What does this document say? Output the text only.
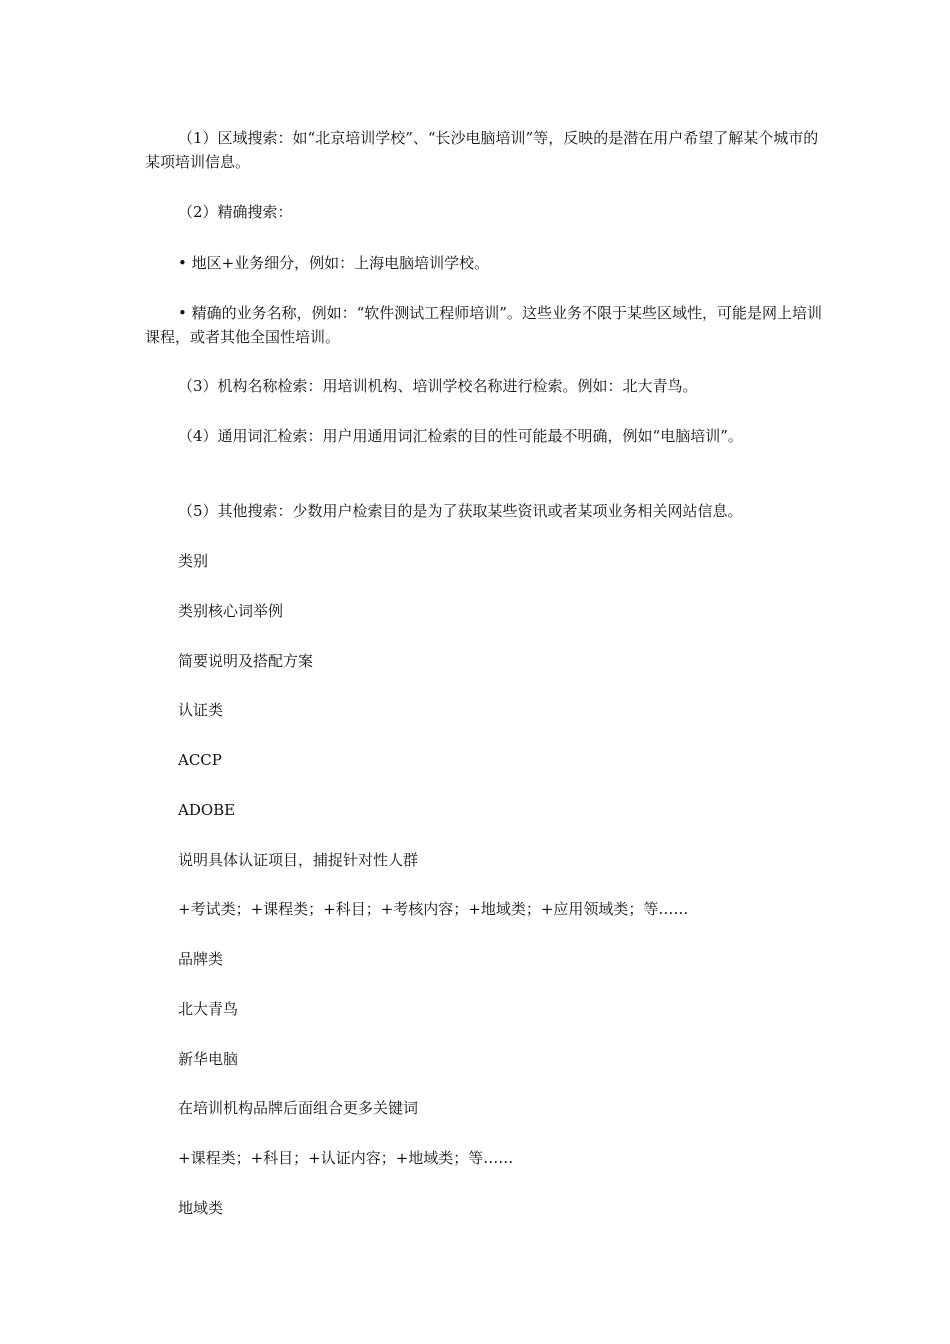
（1）区域搜索：如“北京培训学校”、“长沙电脑培训”等，反映的是潜在用户希望了解某个城市的某项培训信息。

（2）精确搜索：

• 地区+业务细分，例如：上海电脑培训学校。

• 精确的业务名称，例如：“软件测试工程师培训”。这些业务不限于某些区域性，可能是网上培训课程，或者其他全国性培训。

（3）机构名称检索：用培训机构、培训学校名称进行检索。例如：北大青鸟。

（4）通用词汇检索：用户用通用词汇检索的目的性可能最不明确，例如“电脑培训”。

（5）其他搜索：少数用户检索目的是为了获取某些资讯或者某项业务相关网站信息。

类别
类别核心词举例
简要说明及搭配方案
认证类
ACCP
ADOBE
说明具体认证项目，捕捉针对性人群
+考试类；+课程类；+科目；+考核内容；+地域类；+应用领域类；等……
品牌类
北大青鸟
新华电脑
在培训机构品牌后面组合更多关键词
+课程类；+科目；+认证内容；+地域类；等……
地域类
